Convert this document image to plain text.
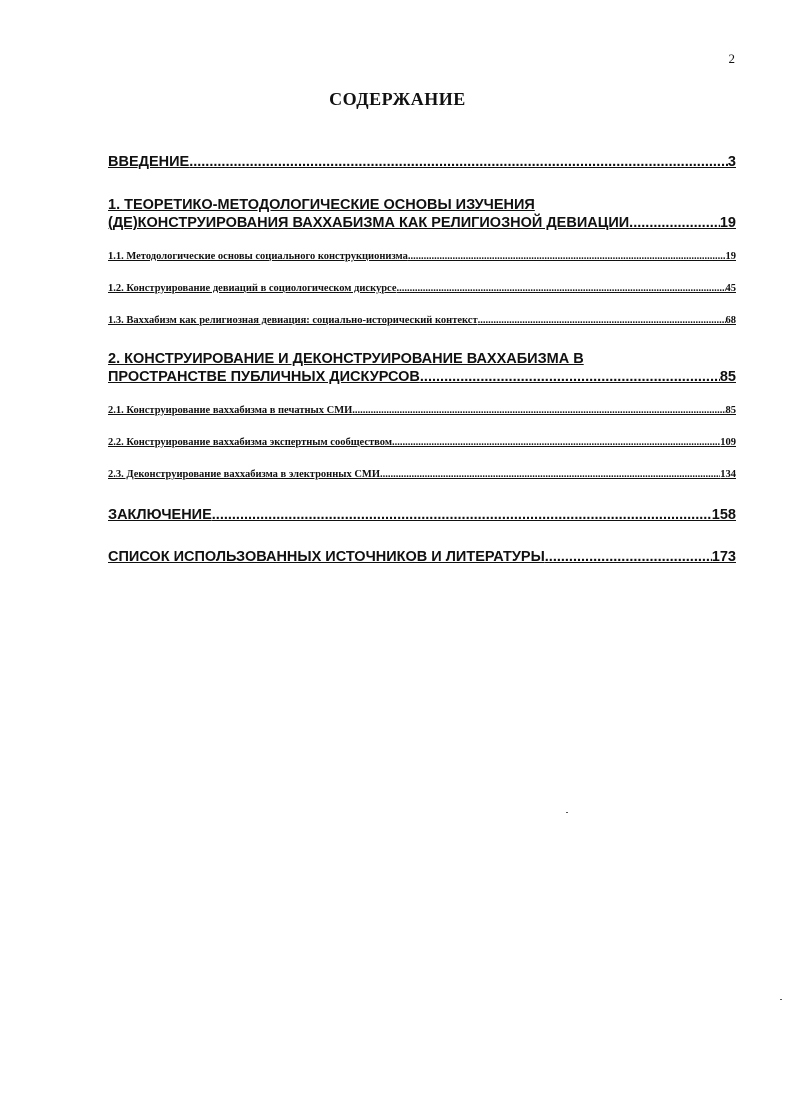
2
СОДЕРЖАНИЕ
ВВЕДЕНИЕ .....	3
1. ТЕОРЕТИКО-МЕТОДОЛОГИЧЕСКИЕ ОСНОВЫ ИЗУЧЕНИЯ
(ДЕ)КОНСТРУИРОВАНИЯ ВАХХАБИЗМА КАК РЕЛИГИОЗНОЙ ДЕВИАЦИИ .....	19
1.1. Методологические основы социального конструкционизма .....	19
1.2. Конструирование девиаций в социологическом дискурсе .....	45
1.3. Ваххабизм как религиозная девиация: социально-исторический контекст .....	68
2. КОНСТРУИРОВАНИЕ И ДЕКОНСТРУИРОВАНИЕ ВАХХАБИЗМА В
ПРОСТРАНСТВЕ ПУБЛИЧНЫХ ДИСКУРСОВ .....	85
2.1. Конструирование ваххабизма в печатных СМИ .....	85
2.2. Конструирование ваххабизма экспертным сообществом .....	109
2.3. Деконструирование ваххабизма в электронных СМИ .....	134
ЗАКЛЮЧЕНИЕ .....	158
СПИСОК ИСПОЛЬЗОВАННЫХ ИСТОЧНИКОВ И ЛИТЕРАТУРЫ .....	173
